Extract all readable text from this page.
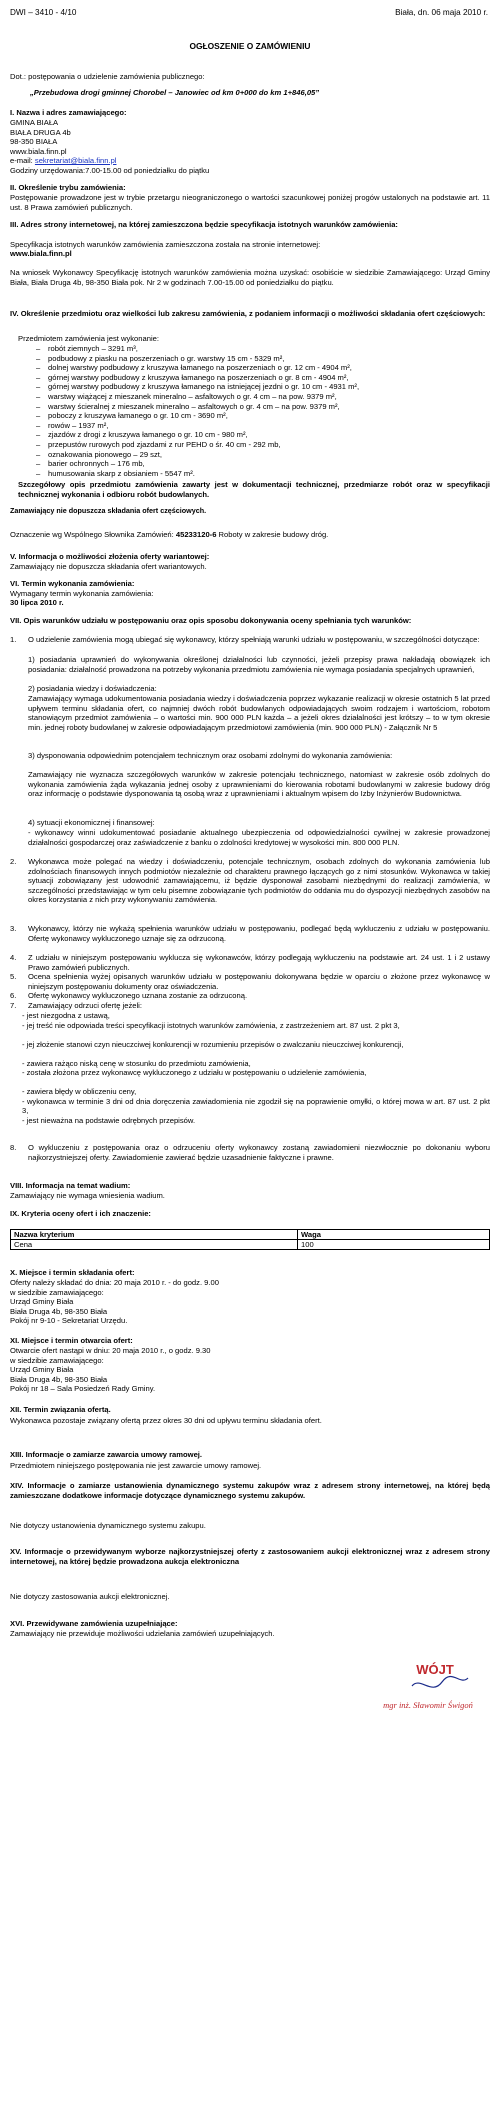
DWI – 3410 - 4/10	Biała, dn. 06 maja 2010 r.
OGŁOSZENIE O ZAMÓWIENIU
Dot.: postępowania o udzielenie zamówienia publicznego:
„Przebudowa drogi gminnej Chorobel – Janowiec od km 0+000 do km 1+846,05”
I. Nazwa i adres zamawiającego:
GMINA BIAŁA
BIAŁA DRUGA 4b
98-350 BIAŁA
www.biala.finn.pl
e-mail: sekretariat@biala.finn.pl
Godziny urzędowania:7.00-15.00 od poniedziałku do piątku
II. Określenie trybu zamówienia:
Postępowanie prowadzone jest w trybie przetargu nieograniczonego o wartości szacunkowej poniżej progów ustalonych na podstawie art. 11 ust. 8 Prawa zamówień publicznych.
III. Adres strony internetowej, na której zamieszczona będzie specyfikacja istotnych warunków zamówienia:
Specyfikacja istotnych warunków zamówienia zamieszczona została na stronie internetowej:
www.biala.finn.pl
Na wniosek Wykonawcy Specyfikację istotnych warunków zamówienia można uzyskać: osobiście w siedzibie Zamawiającego: Urząd Gminy Biała, Biała Druga 4b, 98-350 Biała pok. Nr 2 w godzinach 7.00-15.00 od poniedziałku do piątku.
IV. Określenie przedmiotu oraz wielkości lub zakresu zamówienia, z podaniem informacji o możliwości składania ofert częściowych:
Przedmiotem zamówienia jest wykonanie:
– robót ziemnych – 3291 m³,
– podbudowy z piasku na poszerzeniach o gr. warstwy 15 cm - 5329 m²,
– dolnej warstwy podbudowy z kruszywa łamanego na poszerzeniach o gr. 12 cm - 4904 m²,
– górnej warstwy podbudowy z kruszywa łamanego na poszerzeniach o gr. 8 cm - 4904 m²,
– górnej warstwy podbudowy z kruszywa łamanego na istniejącej jezdni o gr. 10 cm - 4931 m²,
– warstwy wiążącej z mieszanek mineralno – asfaltowych o gr. 4 cm – na pow. 9379 m²,
– warstwy ścieralnej z mieszanek mineralno – asfaltowych o gr. 4 cm – na pow. 9379 m²,
– poboczy z kruszywa łamanego o gr. 10 cm - 3690 m²,
– rowów – 1937 m²,
– zjazdów z drogi z kruszywa łamanego o gr. 10 cm - 980 m²,
– przepustów rurowych pod zjazdami z rur PEHD o śr. 40 cm - 292 mb,
– oznakowania pionowego – 29 szt,
– barier ochronnych – 176 mb,
– humusowania skarp z obsianiem - 5547 m².
Szczegółowy opis przedmiotu zamówienia zawarty jest w dokumentacji technicznej, przedmiarze robót oraz w specyfikacji technicznej wykonania i odbioru robót budowlanych.
Zamawiający nie dopuszcza składania ofert częściowych.
Oznaczenie wg Wspólnego Słownika Zamówień: 45233120-6 Roboty w zakresie budowy dróg.
V. Informacja o możliwości złożenia oferty wariantowej:
Zamawiający nie dopuszcza składania ofert wariantowych.
VI. Termin wykonania zamówienia:
Wymagany termin wykonania zamówienia:
30 lipca 2010 r.
VII. Opis warunków udziału w postępowaniu oraz opis sposobu dokonywania oceny spełniania tych warunków:
1. O udzielenie zamówienia mogą ubiegać się wykonawcy, którzy spełniają warunki udziału w postępowaniu, w szczególności dotyczące:
1) posiadania uprawnień do wykonywania określonej działalności lub czynności, jeżeli przepisy prawa nakładają obowiązek ich posiadania: działalność prowadzona na potrzeby wykonania przedmiotu zamówienia nie wymaga posiadania specjalnych uprawnień,
2) posiadania wiedzy i doświadczenia:
Zamawiający wymaga udokumentowania posiadania wiedzy i doświadczenia poprzez wykazanie realizacji w okresie ostatnich 5 lat przed upływem terminu składania ofert, co najmniej dwóch robót budowlanych odpowiadających swoim rodzajem i wartościom, robotom stanowiącym przedmiot zamówienia – o wartości min. 900 000 PLN każda – a jeżeli okres działalności jest krótszy – to w tym okresie min. jednej roboty budowlanej w zakresie odpowiadającym przedmiotowi zamówienia (min. 900 000 PLN) - Załącznik Nr 5
3) dysponowania odpowiednim potencjałem technicznym oraz osobami zdolnymi do wykonania zamówienia:
Zamawiający nie wyznacza szczegółowych warunków w zakresie potencjału technicznego, natomiast w zakresie osób zdolnych do wykonania zamówienia żąda wykazania jednej osoby z uprawnieniami do kierowania robotami budowlanymi w zakresie budowy dróg oraz informację o podstawie dysponowania tą osobą wraz z uprawnieniami i aktualnym wpisem do Izby Inżynierów Budownictwa.
4) sytuacji ekonomicznej i finansowej:
- wykonawcy winni udokumentować posiadanie aktualnego ubezpieczenia od odpowiedzialności cywilnej w zakresie prowadzonej działalności gospodarczej oraz zaświadczenie z banku o zdolności kredytowej w wysokości min. 800 000 PLN.
2. Wykonawca może polegać na wiedzy i doświadczeniu, potencjale technicznym, osobach zdolnych do wykonania zamówienia lub zdolnościach finansowych innych podmiotów niezależnie od charakteru prawnego łączących go z nimi stosunków. Wykonawca w takiej sytuacji zobowiązany jest udowodnić zamawiającemu, iż będzie dysponował zasobami niezbędnymi do realizacji zamówienia, w szczególności przedstawiając w tym celu pisemne zobowiązanie tych podmiotów do oddania mu do dyspozycji niezbędnych zasobów na okres korzystania z nich przy wykonywaniu zamówienia.
3. Wykonawcy, którzy nie wykażą spełnienia warunków udziału w postępowaniu, podlegać będą wykluczeniu z udziału w postępowaniu. Ofertę wykonawcy wykluczonego uznaje się za odrzuconą.
4. Z udziału w niniejszym postępowaniu wyklucza się wykonawców, którzy podlegają wykluczeniu na podstawie art. 24 ust. 1 i 2 ustawy Prawo zamówień publicznych.
5. Ocena spełnienia wyżej opisanych warunków udziału w postępowaniu dokonywana będzie w oparciu o złożone przez wykonawcę w niniejszym postępowaniu dokumenty oraz oświadczenia.
6. Ofertę wykonawcy wykluczonego uznana zostanie za odrzuconą.
7. Zamawiający odrzuci ofertę jeżeli:
- jest niezgodna z ustawą,
- jej treść nie odpowiada treści specyfikacji istotnych warunków zamówienia, z zastrzeżeniem art. 87 ust. 2 pkt 3,
- jej złożenie stanowi czyn nieuczciwej konkurencji w rozumieniu przepisów o zwalczaniu nieuczciwej konkurencji,
- zawiera rażąco niską cenę w stosunku do przedmiotu zamówienia,
- została złożona przez wykonawcę wykluczonego z udziału w postępowaniu o udzielenie zamówienia,
- zawiera błędy w obliczeniu ceny,
- wykonawca w terminie 3 dni od dnia doręczenia zawiadomienia nie zgodził się na poprawienie omyłki, o której mowa w art. 87 ust. 2 pkt 3,
- jest nieważna na podstawie odrębnych przepisów.
8. O wykluczeniu z postępowania oraz o odrzuceniu oferty wykonawcy zostaną zawiadomieni niezwłocznie po dokonaniu wyboru najkorzystniejszej oferty. Zawiadomienie zawierać będzie uzasadnienie faktyczne i prawne.
VIII. Informacja na temat wadium:
Zamawiający nie wymaga wniesienia wadium.
IX. Kryteria oceny ofert i ich znaczenie:
Nazwa kryterium	Waga
Cena	100
X. Miejsce i termin składania ofert:
Oferty należy składać do dnia: 20 maja 2010 r. - do godz. 9.00
w siedzibie zamawiającego:
Urząd Gminy Biała
Biała Druga 4b, 98-350 Biała
Pokój nr 9-10 - Sekretariat Urzędu.
XI. Miejsce i termin otwarcia ofert:
Otwarcie ofert nastąpi w dniu: 20 maja 2010 r., o godz. 9.30
w siedzibie zamawiającego:
Urząd Gminy Biała
Biała Druga 4b, 98-350 Biała
Pokój nr 18 – Sala Posiedzeń Rady Gminy.
XII. Termin związania ofertą.
Wykonawca pozostaje związany ofertą przez okres 30 dni od upływu terminu składania ofert.
XIII. Informacje o zamiarze zawarcia umowy ramowej.
Przedmiotem niniejszego postępowania nie jest zawarcie umowy ramowej.
XIV. Informacje o zamiarze ustanowienia dynamicznego systemu zakupów wraz z adresem strony internetowej, na której będą zamieszczane dodatkowe informacje dotyczące dynamicznego systemu zakupów.
Nie dotyczy ustanowienia dynamicznego systemu zakupu.
XV. Informacje o przewidywanym wyborze najkorzystniejszej oferty z zastosowaniem aukcji elektronicznej wraz z adresem strony internetowej, na której będzie prowadzona aukcja elektroniczna
Nie dotyczy zastosowania aukcji elektronicznej.
XVI. Przewidywane zamówienia uzupełniające:
Zamawiający nie przewiduje możliwości udzielania zamówień uzupełniających.
WÓJT
mgr inż. Sławomir Świgoń
